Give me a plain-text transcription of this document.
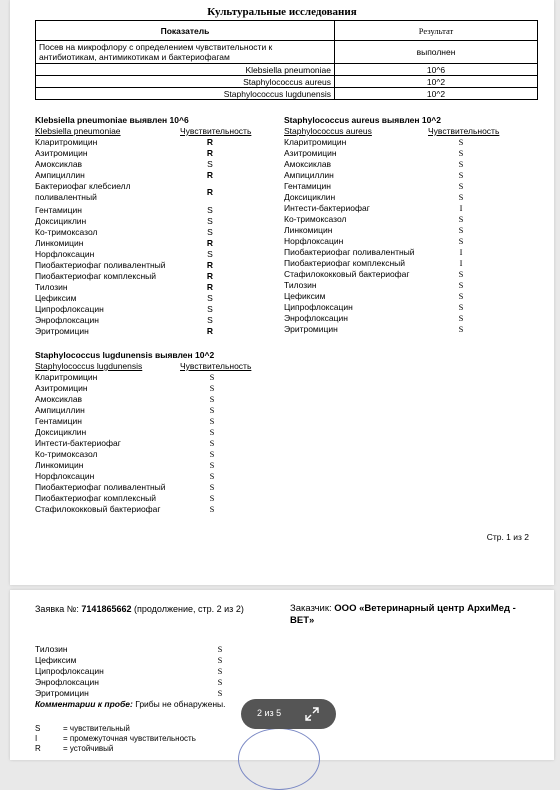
Культуральные исследования
Показатель	Результат
Посев на микрофлору с определением чувствительности к антибиотикам, антимикотикам и бактериофагам	выполнен
Klebsiella pneumoniae	10^6
Staphylococcus aureus	10^2
Staphylococcus lugdunensis	10^2
Klebsiella pneumoniae выявлен 10^6
Klebsiella pneumoniae	Чувствительность
Кларитромицин	R
Азитромицин	R
Амоксиклав	S
Ампициллин	R
Бактериофаг клебсиелл
поливалентный	R
Гентамицин	S
Доксициклин	S
Ко-тримоксазол	S
Линкомицин	R
Норфлоксацин	S
Пиобактериофаг поливалентный	R
Пиобактериофаг комплексный	R
Тилозин	R
Цефиксим	S
Ципрофлоксацин	S
Энрофлоксацин	S
Эритромицин	R
Staphylococcus aureus выявлен 10^2
Staphylococcus aureus	Чувствительность
Кларитромицин	S
Азитромицин	S
Амоксиклав	S
Ампициллин	S
Гентамицин	S
Доксициклин	S
Интести-бактериофаг	I
Ко-тримоксазол	S
Линкомицин	S
Норфлоксацин	S
Пиобактериофаг поливалентный	I
Пиобактериофаг комплексный	I
Стафилококковый бактериофаг	S
Тилозин	S
Цефиксим	S
Ципрофлоксацин	S
Энрофлоксацин	S
Эритромицин	S
Staphylococcus lugdunensis выявлен 10^2
Staphylococcus lugdunensis	Чувствительность
Кларитромицин	S
Азитромицин	S
Амоксиклав	S
Ампициллин	S
Гентамицин	S
Доксициклин	S
Интести-бактериофаг	S
Ко-тримоксазол	S
Линкомицин	S
Норфлоксацин	S
Пиобактериофаг поливалентный	S
Пиобактериофаг комплексный	S
Стафилококковый бактериофаг	S
Стр. 1 из 2
Заявка №: 7141865662 (продолжение, стр. 2 из 2)	Заказчик: ООО «Ветеринарный центр АрхиМед - ВЕТ»
Тилозин	S
Цефиксим	S
Ципрофлоксацин	S
Энрофлоксацин	S
Эритромицин	S
Комментарии к пробе: Грибы не обнаружены.
S	= чувствительный
I	= промежуточная чувствительность
R	= устойчивый
2 из 5
